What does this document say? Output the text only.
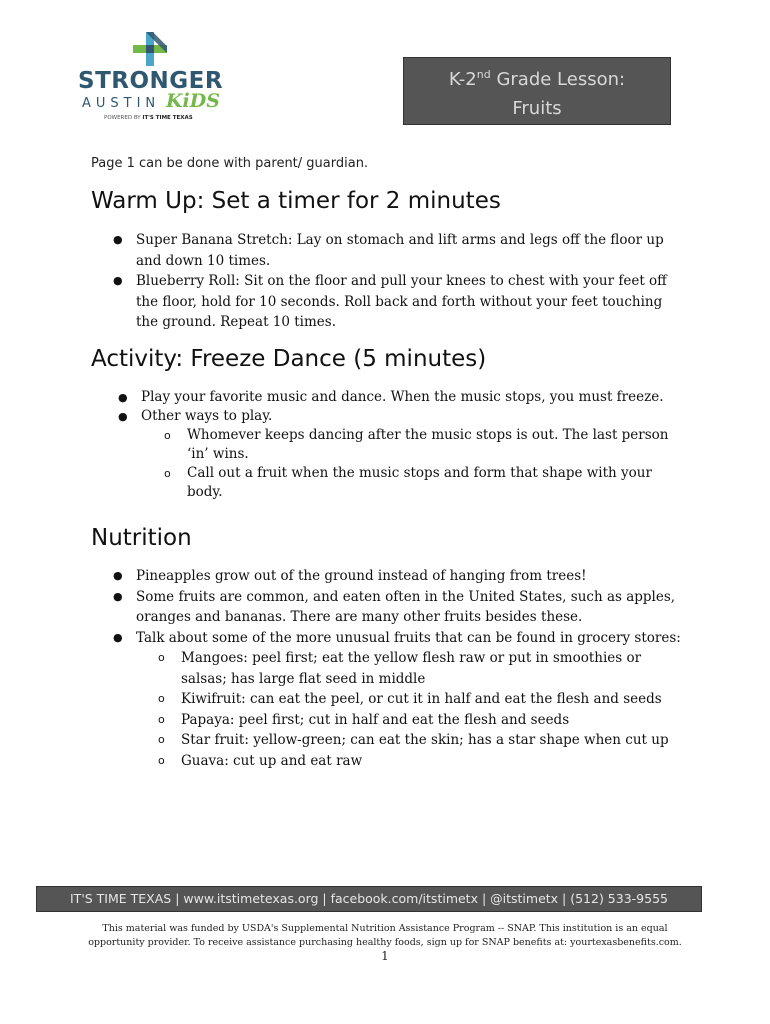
STRONGER
AUSTIN KiDS
POWERED BY IT'S TIME TEXAS
K-2nd Grade Lesson:
Fruits
Page 1 can be done with parent/ guardian.
Warm Up: Set a timer for 2 minutes
● Super Banana Stretch: Lay on stomach and lift arms and legs off the floor up
and down 10 times.
● Blueberry Roll: Sit on the floor and pull your knees to chest with your feet off
the floor, hold for 10 seconds. Roll back and forth without your feet touching
the ground. Repeat 10 times.
Activity: Freeze Dance (5 minutes)
● Play your favorite music and dance. When the music stops, you must freeze.
● Other ways to play.
o Whomever keeps dancing after the music stops is out. The last person
‘in’ wins.
o Call out a fruit when the music stops and form that shape with your
body.
Nutrition
● Pineapples grow out of the ground instead of hanging from trees!
● Some fruits are common, and eaten often in the United States, such as apples,
oranges and bananas. There are many other fruits besides these.
● Talk about some of the more unusual fruits that can be found in grocery stores:
o Mangoes: peel first; eat the yellow flesh raw or put in smoothies or
salsas; has large flat seed in middle
o Kiwifruit: can eat the peel, or cut it in half and eat the flesh and seeds
o Papaya: peel first; cut in half and eat the flesh and seeds
o Star fruit: yellow-green; can eat the skin; has a star shape when cut up
o Guava: cut up and eat raw
IT'S TIME TEXAS | www.itstimetexas.org | facebook.com/itstimetx | @itstimetx | (512) 533-9555
This material was funded by USDA's Supplemental Nutrition Assistance Program -- SNAP. This institution is an equal
opportunity provider. To receive assistance purchasing healthy foods, sign up for SNAP benefits at: yourtexasbenefits.com.
1
